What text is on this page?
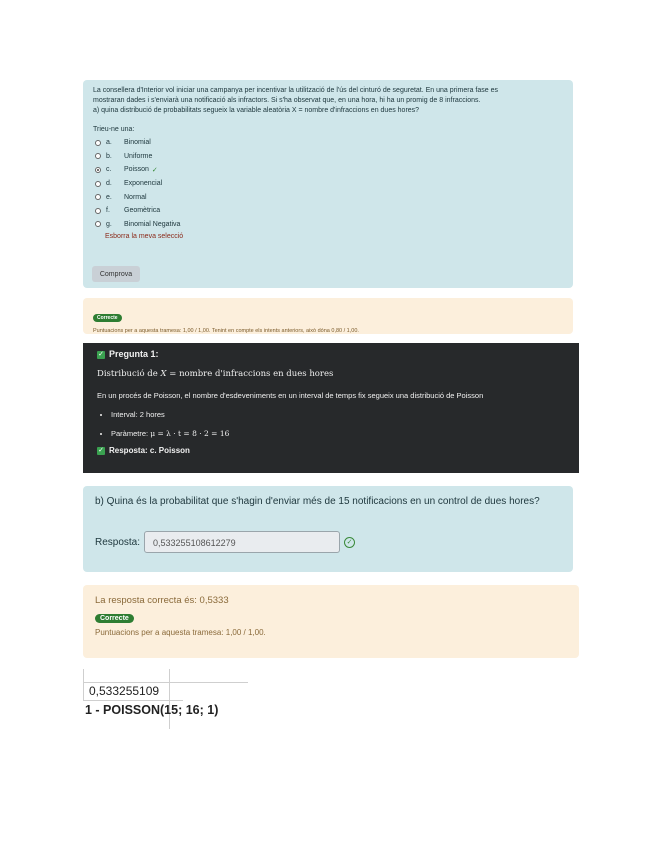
La consellera d'Interior vol iniciar una campanya per incentivar la utilització de l'ús del cinturó de seguretat. En una primera fase es
mostraran dades i s'enviarà una notificació als infractors. Si s'ha observat que, en una hora, hi ha un promig de 8 infraccions.
a) quina distribució de probabilitats segueix la variable aleatòria X = nombre d'infraccions en dues hores?
Trieu-ne una:
a.	Binomial
b.	Uniforme
c.	Poisson ✓
d.	Exponencial
e.	Normal
f.	Geomètrica
g.	Binomial Negativa
Esborra la meva selecció
Comprova
Correcte
Puntuacions per a aquesta tramesa: 1,00 / 1,00. Tenint en compte els intents anteriors, això dóna 0,80 / 1,00.
✓ Pregunta 1:
Distribució de X = nombre d'infraccions en dues hores
En un procés de Poisson, el nombre d'esdeveniments en un interval de temps fix segueix una distribució de Poisson
• Interval: 2 hores
• Paràmetre: μ = λ · t = 8 · 2 = 16
✓ Resposta: c. Poisson
b) Quina és la probabilitat que s'hagin d'enviar més de 15 notificacions en un control de dues hores?
Resposta:	0,533255108612279	✓
La resposta correcta és: 0,5333
Correcte
Puntuacions per a aquesta tramesa: 1,00 / 1,00.
0,533255109
1 - POISSON(15; 16; 1)
